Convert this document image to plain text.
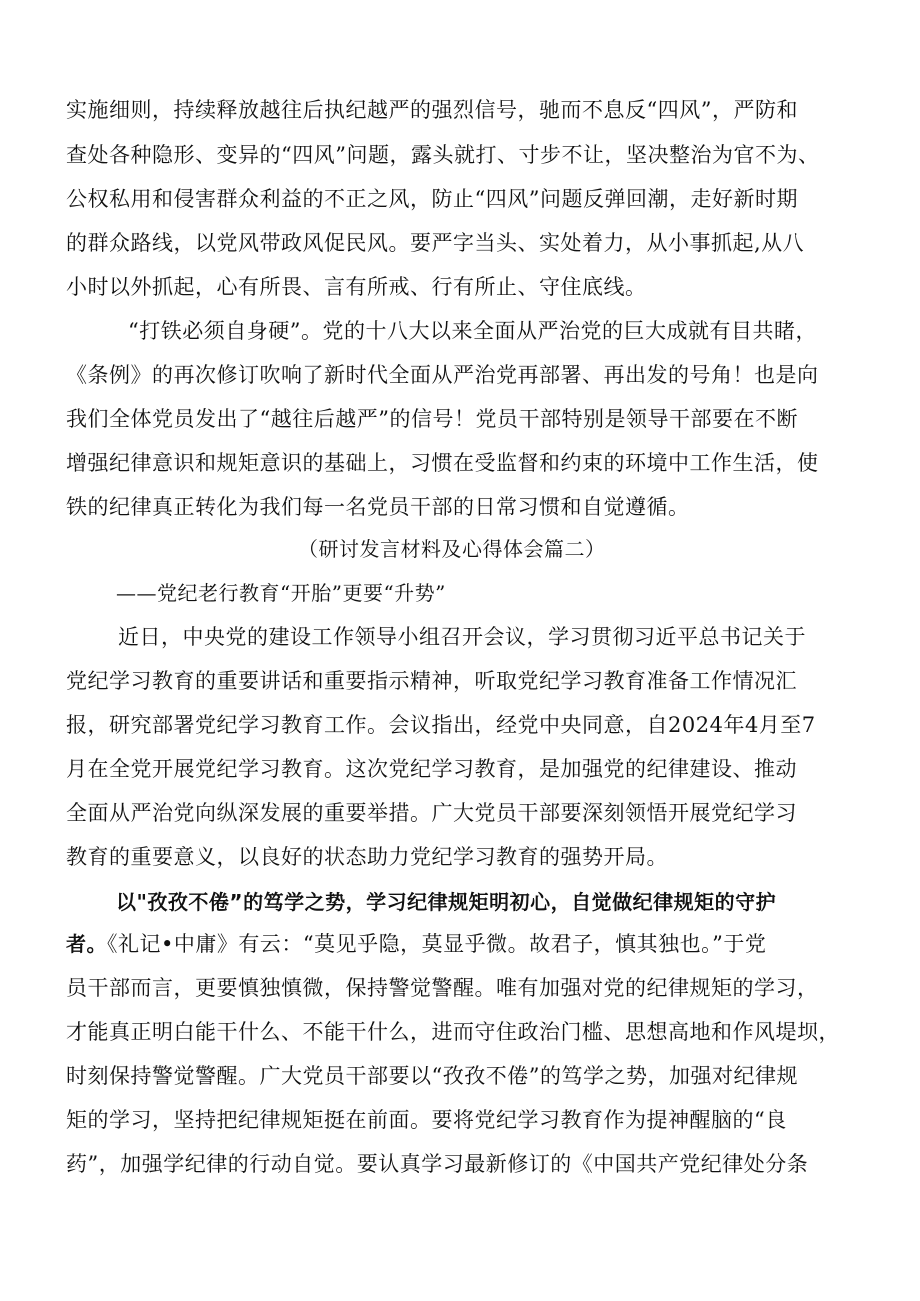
实施细则，持续释放越往后执纪越严的强烈信号，驰而不息反“四风”，严防和
查处各种隐形、变异的“四风”问题，露头就打、寸步不让，坚决整治为官不为、
公权私用和侵害群众利益的不正之风，防止“四风”问题反弹回潮，走好新时期
的群众路线，以党风带政风促民风。要严字当头、实处着力，从小事抓起,从八
小时以外抓起，心有所畏、言有所戒、行有所止、守住底线。
“打铁必须自身硬”。党的十八大以来全面从严治党的巨大成就有目共睹，
《条例》的再次修订吹响了新时代全面从严治党再部署、再出发的号角！也是向
我们全体党员发出了“越往后越严”的信号！党员干部特别是领导干部要在不断
增强纪律意识和规矩意识的基础上，习惯在受监督和约束的环境中工作生活，使
铁的纪律真正转化为我们每一名党员干部的日常习惯和自觉遵循。
（研讨发言材料及心得体会篇二）
——党纪老行教育“开胎”更要“升势”
近日，中央党的建设工作领导小组召开会议，学习贯彻习近平总书记关于
党纪学习教育的重要讲话和重要指示精神，听取党纪学习教育准备工作情况汇
报，研究部署党纪学习教育工作。会议指出，经党中央同意，自2024年4月至7
月在全党开展党纪学习教育。这次党纪学习教育，是加强党的纪律建设、推动
全面从严治党向纵深发展的重要举措。广大党员干部要深刻领悟开展党纪学习
教育的重要意义，以良好的状态助力党纪学习教育的强势开局。
以"孜孜不倦”的笃学之势，学习纪律规矩明初心，自觉做纪律规矩的守护
者。《礼记•中庸》有云：“莫见乎隐，莫显乎微。故君子，慎其独也。”于党
员干部而言，更要慎独慎微，保持警觉警醒。唯有加强对党的纪律规矩的学习，
才能真正明白能干什么、不能干什么，进而守住政治门槛、思想高地和作风堤坝，
时刻保持警觉警醒。广大党员干部要以“孜孜不倦”的笃学之势，加强对纪律规
矩的学习，坚持把纪律规矩挺在前面。要将党纪学习教育作为提神醒脑的“良
药”，加强学纪律的行动自觉。要认真学习最新修订的《中国共产党纪律处分条
